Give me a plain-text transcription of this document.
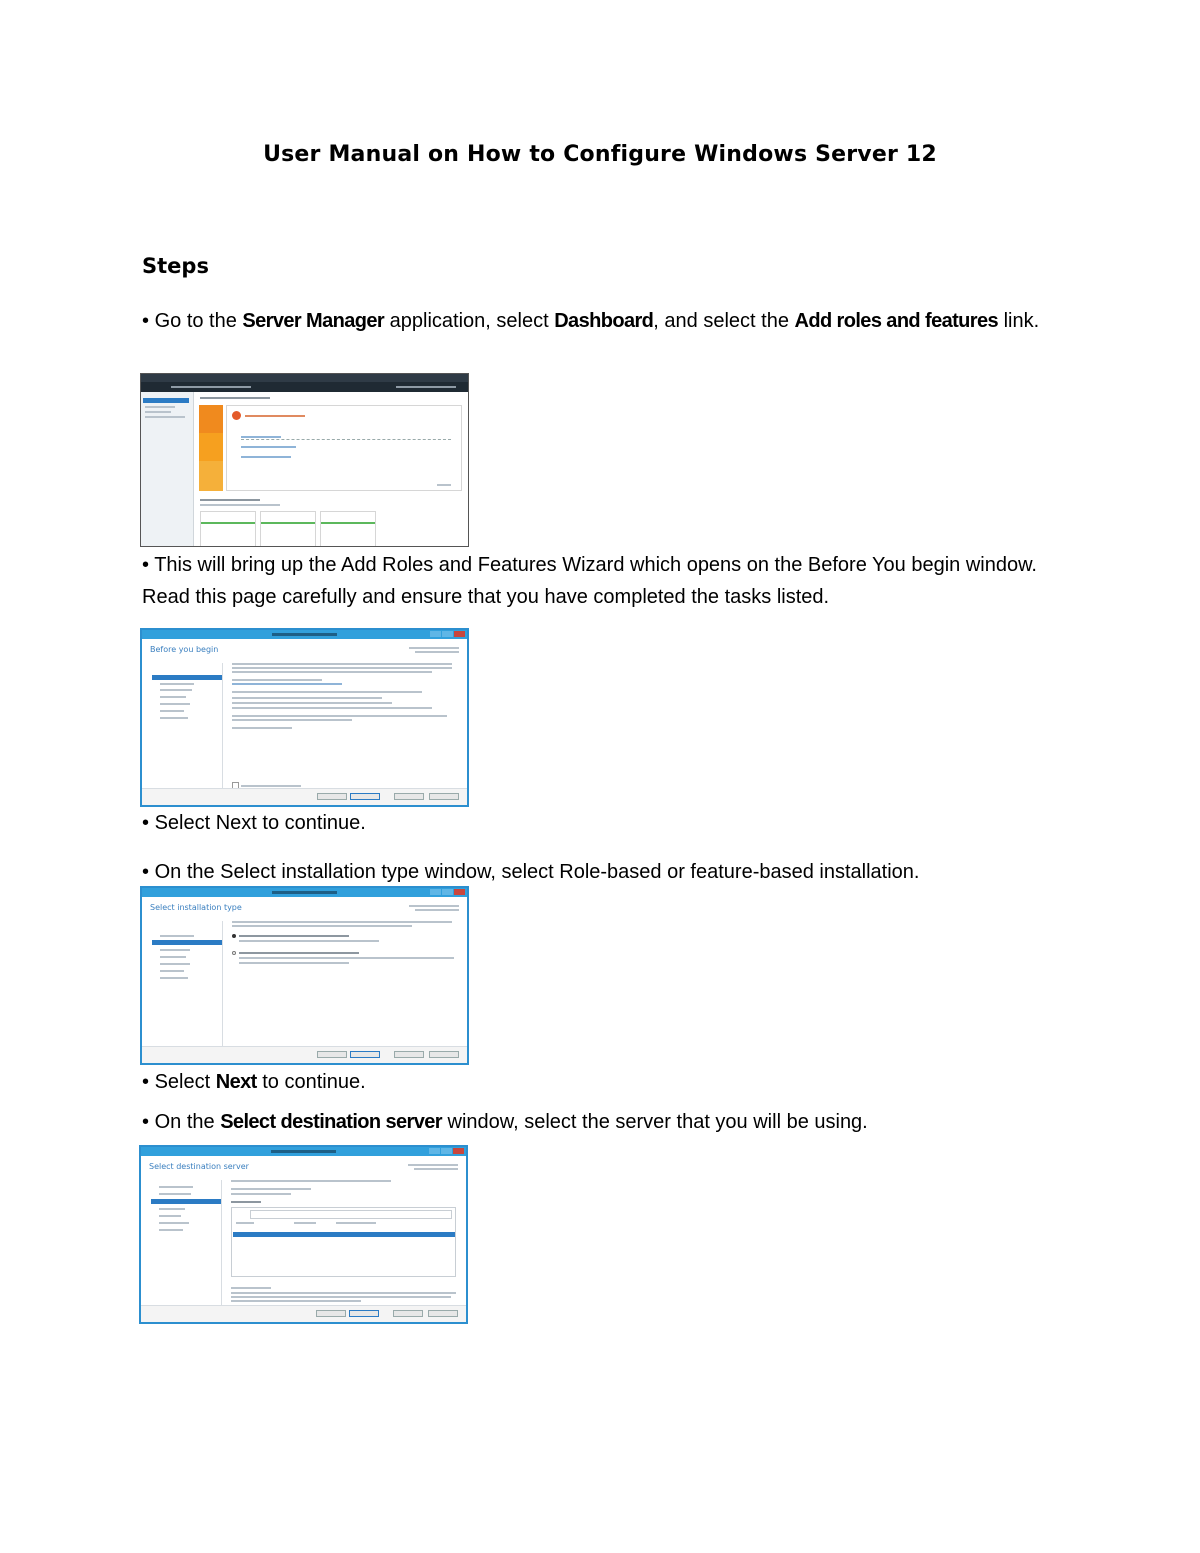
User Manual on How to Configure Windows Server 12
Steps
• Go to the Server Manager application, select Dashboard, and select the Add roles and features link.
• This will bring up the Add Roles and Features Wizard which opens on the Before You begin window. Read this page carefully and ensure that you have completed the tasks listed.
Before you begin
• Select Next to continue.
• On the Select installation type window, select Role-based or feature-based installation.
Select installation type
• Select Next to continue.
• On the Select destination server window, select the server that you will be using.
Select destination server
